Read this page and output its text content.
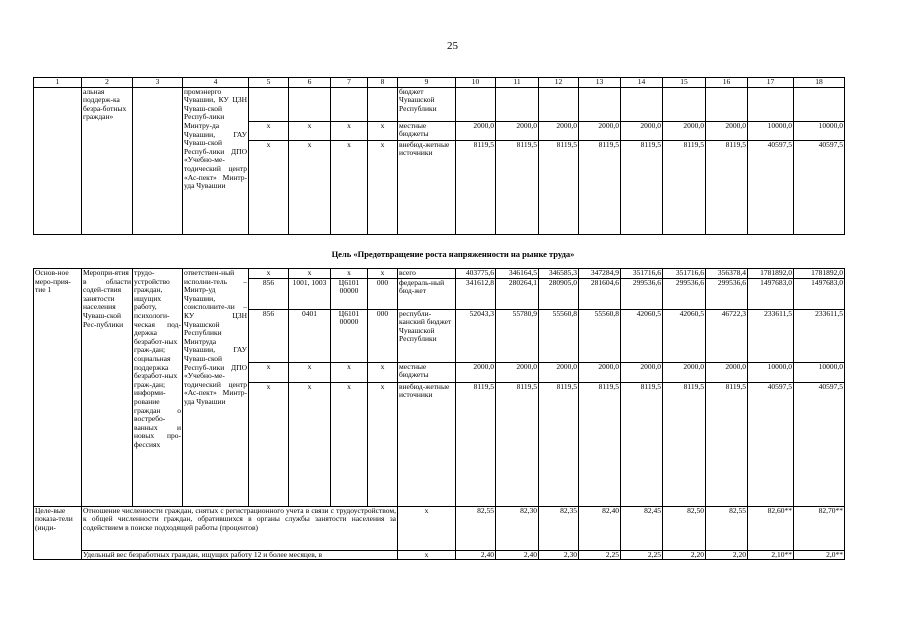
25
1	2	3	4	5	6	7	8	9	10	11	12	13	14	15	16	17	18
	альная поддерж-ка безра-ботных граждан»		промэнерго Чувашии, КУ ЦЗН Чуваш-ской Респуб-лики Минтру-да Чувашии, ГАУ Чуваш-ской Респуб-лики ДПО «Учебно-ме-тодический центр «Ас-пект» Минтр-уда Чувашии					бюджет Чувашской Республики									
				х	х	х	х	местные бюджеты	2000,0	2000,0	2000,0	2000,0	2000,0	2000,0	2000,0	10000,0	10000,0
				х	х	х	х	внебюд-жетные источники	8119,5	8119,5	8119,5	8119,5	8119,5	8119,5	8119,5	40597,5	40597,5
Цель «Предотвращение роста напряженности на рынке труда»
Основ-ное меро-прия-тие 1	Меропри-ятия в области содей-ствия занятости населения Чуваш-ской Рес-публики	трудо-устройство граждан, ищущих работу, психологи-ческая под-держка безработ-ных граж-дан; социальная поддержка безработ-ных граж-дан; информи-рование граждан о востребо-ванных и новых про-фессиях	ответствен-ный исполни-тель – Минтр-уд Чувашии, соисполните-ли – КУ ЦЗН Чувашской Республики Минтруда Чувашии, ГАУ Чуваш-ской Респуб-лики ДПО «Учебно-ме-тодический центр «Ас-пект» Минтр-уда Чувашии	х	х	х	х	всего	403775,6	346164,5	346585,3	347284,9	351716,6	351716,6	356378,4	1781892,0	1781892,0
				856	1001, 1003	Ц6101 00000	000	федераль-ный бюд-жет	341612,8	280264,1	280905,0	281604,6	299536,6	299536,6	299536,6	1497683,0	1497683,0
				856	0401	Ц6101 00000	000	республи-канский бюджет Чувашской Республики	52043,3	55780,9	55560,8	55560,8	42060,5	42060,5	46722,3	233611,5	233611,5
				х	х	х	х	местные бюджеты	2000,0	2000,0	2000,0	2000,0	2000,0	2000,0	2000,0	10000,0	10000,0
				х	х	х	х	внебюд-жетные источники	8119,5	8119,5	8119,5	8119,5	8119,5	8119,5	8119,5	40597,5	40597,5
Целе-вые показа-тели (инди-	Отношение численности граждан, снятых с регистрационного учета в связи с трудоустройством, к общей численности граждан, обратившихся в органы службы занятости населения за содействием в поиске подходящей работы (процентов)							х	82,55	82,30	82,35	82,40	82,45	82,50	82,55	82,60**	82,70**
	Удельный вес безработных граждан, ищущих работу 12 и более месяцев, в							х	2,40	2,40	2,30	2,25	2,25	2,20	2,20	2,10**	2,0**
